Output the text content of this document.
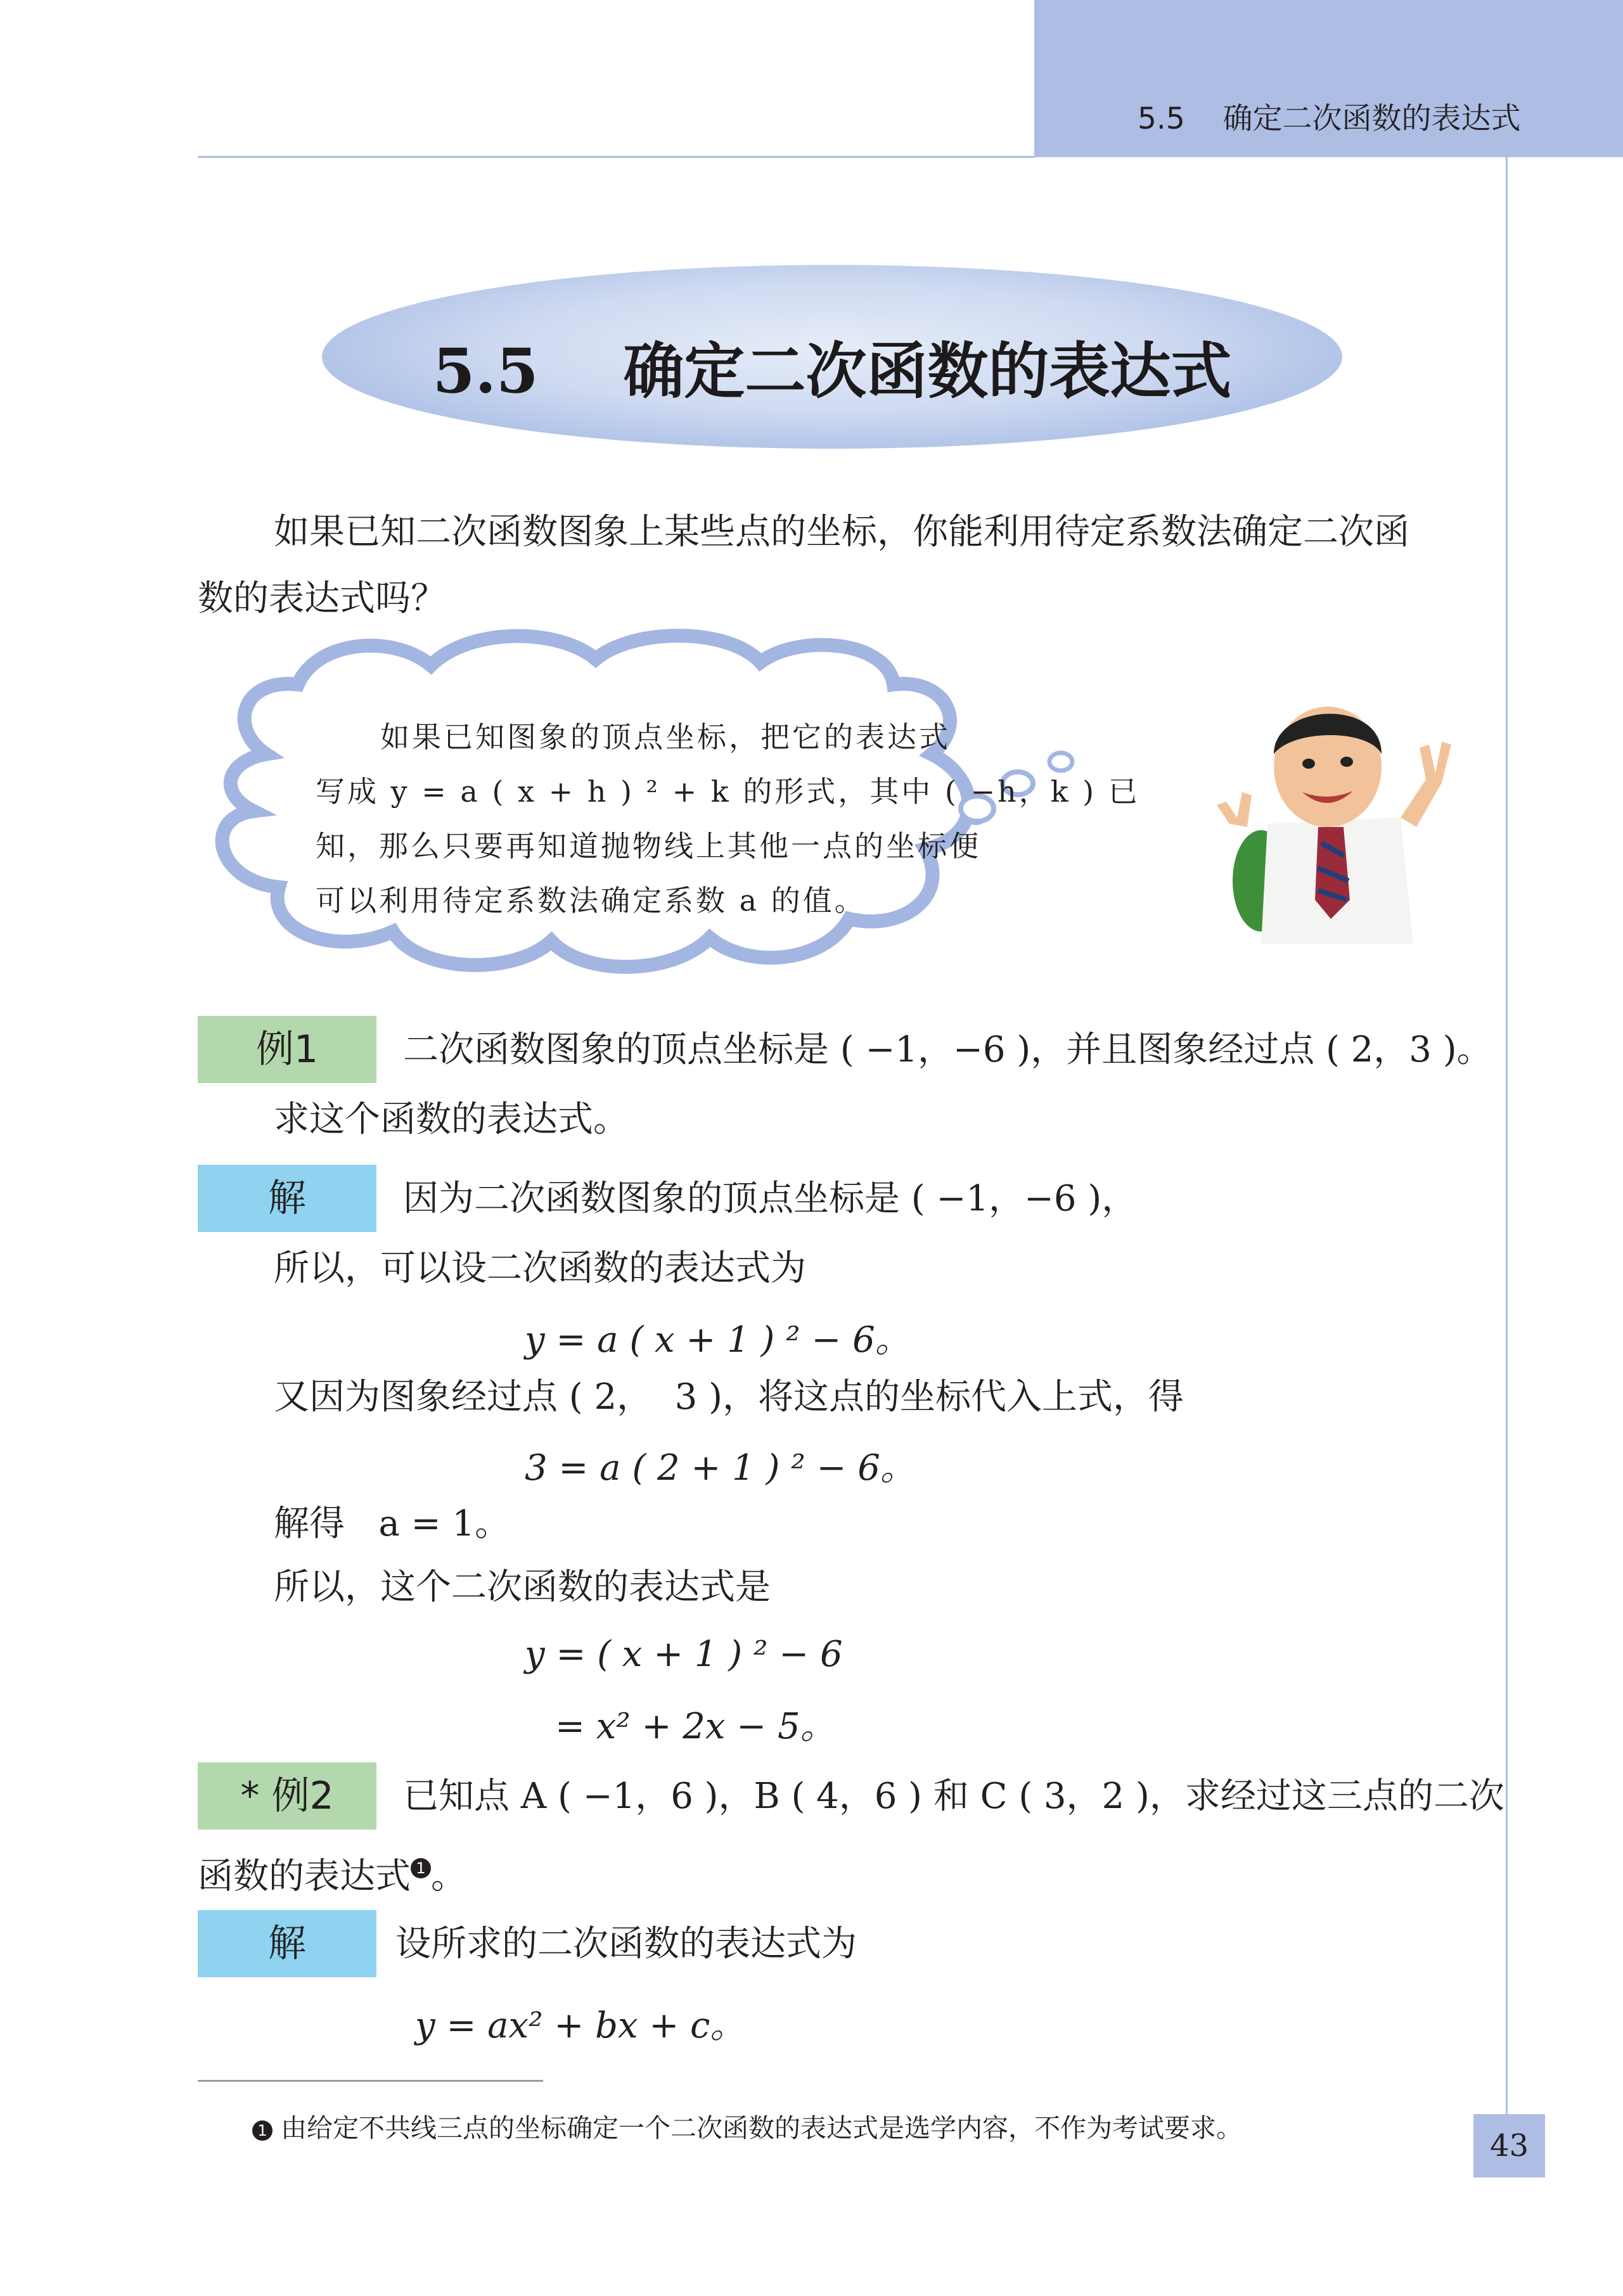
5.5    确定二次函数的表达式
5.5    确定二次函数的表达式
如果已知二次函数图象上某些点的坐标，你能利用待定系数法确定二次函
数的表达式吗？
如果已知图象的顶点坐标，把它的表达式
写成 y = a ( x + h ) ² + k 的形式，其中 ( −h，k ) 已
知，那么只要再知道抛物线上其他一点的坐标便
可以利用待定系数法确定系数 a 的值。
例1	二次函数图象的顶点坐标是 ( −1，−6 )，并且图象经过点 ( 2，3 )。
求这个函数的表达式。
解	因为二次函数图象的顶点坐标是 ( −1，−6 )，
所以，可以设二次函数的表达式为
y = a ( x + 1 ) ² − 6。
又因为图象经过点 ( 2，  3 )，将这点的坐标代入上式，得
3 = a ( 2 + 1 ) ² − 6。
解得   a = 1。
所以，这个二次函数的表达式是
y = ( x + 1 ) ² − 6
= x² + 2x − 5。
* 例2	已知点 A ( −1，6 )，B ( 4，6 ) 和 C ( 3，2 )，求经过这三点的二次
函数的表达式 $^1$ 。
解	设所求的二次函数的表达式为
y = ax² + bx + c。
1 由给定不共线三点的坐标确定一个二次函数的表达式是选学内容，不作为考试要求。	43
